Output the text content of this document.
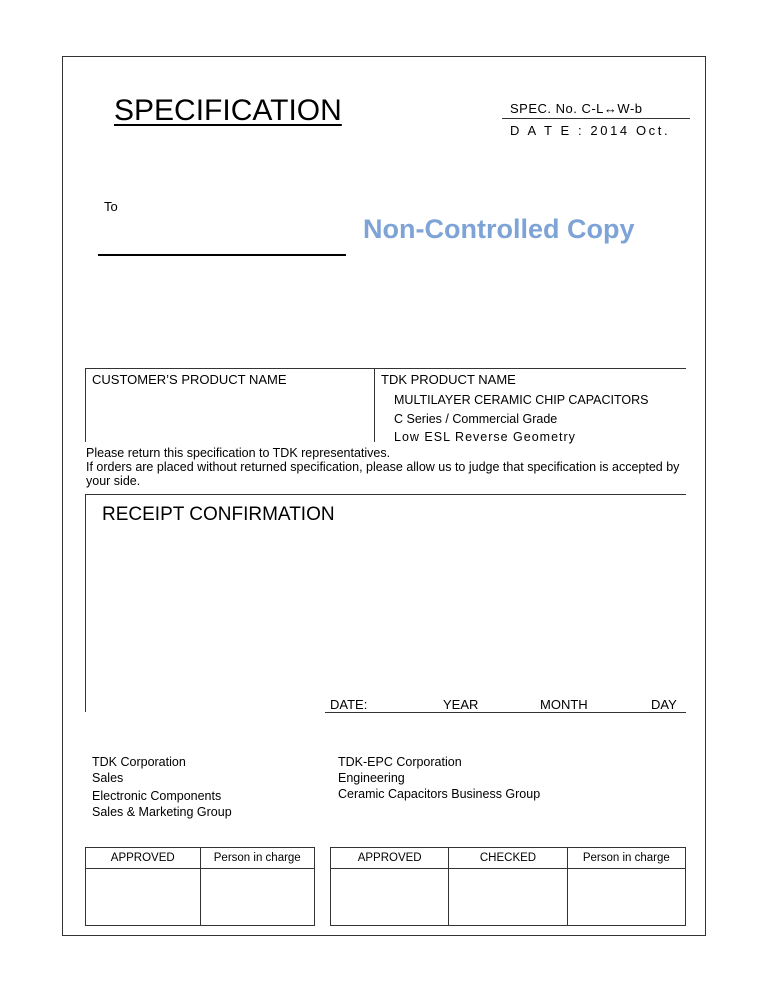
SPECIFICATION	SPEC. No. C-L↔W-b
D A T E : 2014 Oct.
To
Non-Controlled Copy
CUSTOMER’S PRODUCT NAME	TDK PRODUCT NAME
MULTILAYER CERAMIC CHIP CAPACITORS
C Series / Commercial Grade
Low ESL Reverse Geometry
Please return this specification to TDK representatives.
If orders are placed without returned specification, please allow us to judge that specification is accepted by your side.
RECEIPT CONFIRMATION
DATE:	YEAR	MONTH	DAY
TDK Corporation
Sales
Electronic Components
Sales & Marketing Group
TDK-EPC Corporation
Engineering
Ceramic Capacitors Business Group
APPROVED	Person in charge
		APPROVED	CHECKED	Person in charge
